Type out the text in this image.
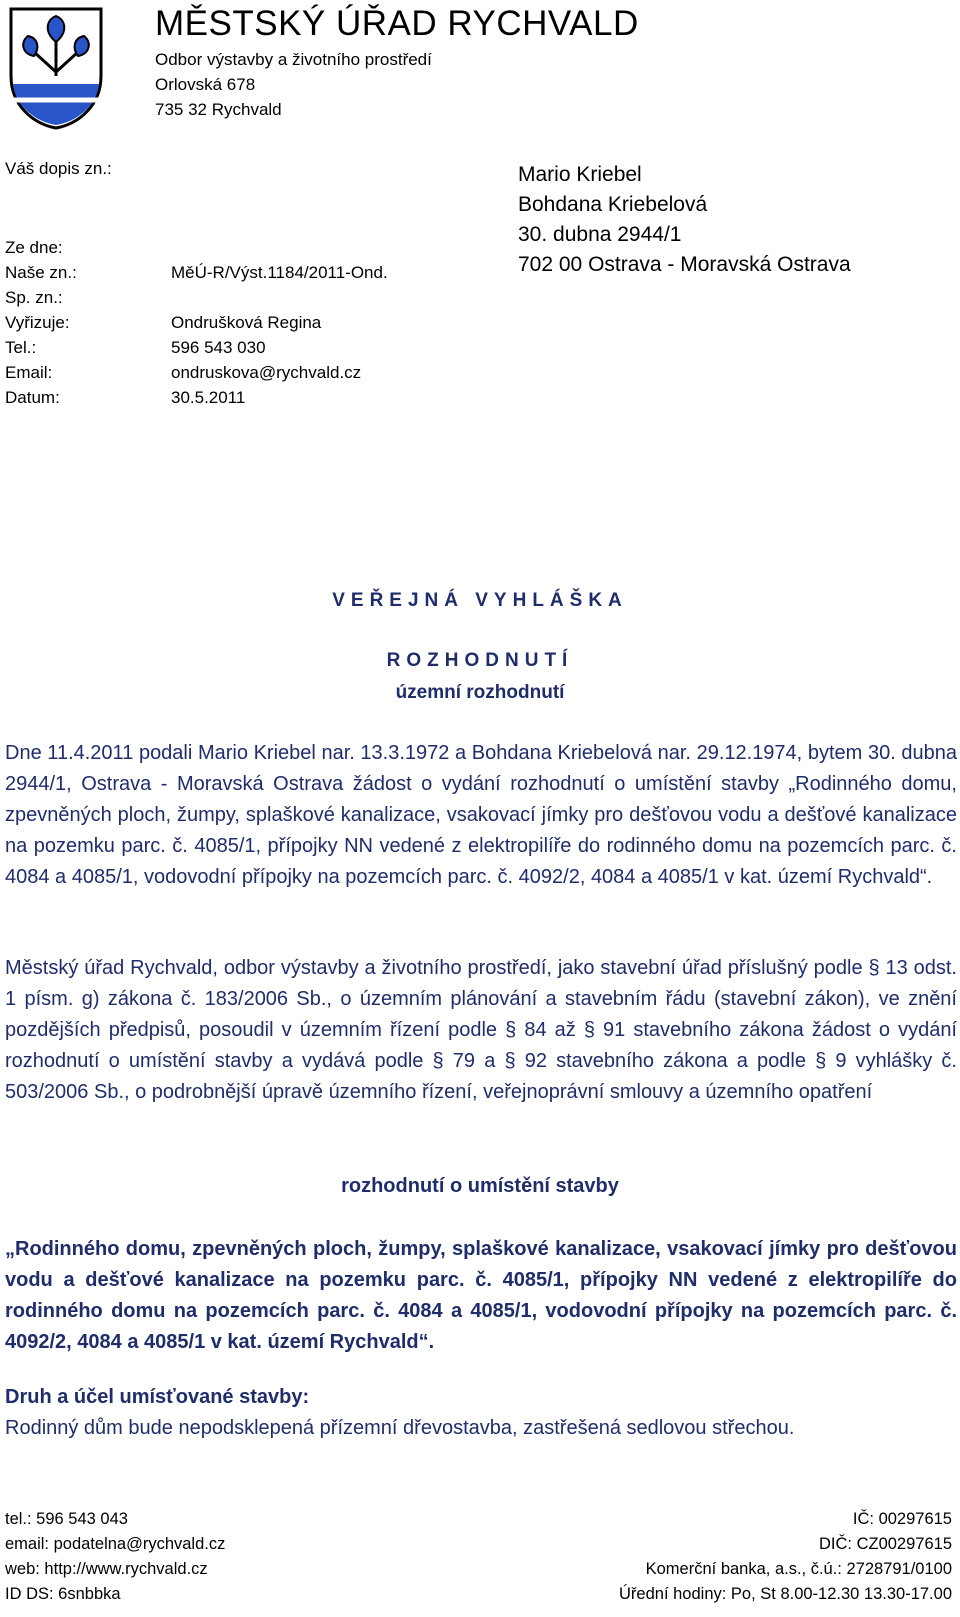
MĚSTSKÝ ÚŘAD RYCHVALD
Odbor výstavby a životního prostředí
Orlovská 678
735 32 Rychvald
Váš dopis zn.:
Ze dne:
Naše zn.:	MěÚ-R/Výst.1184/2011-Ond.
Sp. zn.:
Vyřizuje:	Ondrušková Regina
Tel.:	596 543 030
Email:	ondruskova@rychvald.cz
Datum:	30.5.2011
Mario Kriebel
Bohdana Kriebelová
30. dubna 2944/1
702 00 Ostrava - Moravská Ostrava
VEŘEJNÁ VYHLÁŠKA
ROZHODNUTÍ
územní rozhodnutí
Dne 11.4.2011 podali Mario Kriebel nar. 13.3.1972 a Bohdana Kriebelová nar. 29.12.1974, bytem 30. dubna 2944/1, Ostrava - Moravská Ostrava žádost o vydání rozhodnutí o umístění stavby „Rodinného domu, zpevněných ploch, žumpy, splaškové kanalizace, vsakovací jímky pro dešťovou vodu a dešťové kanalizace na pozemku parc. č. 4085/1, přípojky NN vedené z elektropilíře do rodinného domu na pozemcích parc. č. 4084 a 4085/1, vodovodní přípojky na pozemcích parc. č. 4092/2, 4084 a 4085/1 v kat. území Rychvald“.
Městský úřad Rychvald, odbor výstavby a životního prostředí, jako stavební úřad příslušný podle § 13 odst. 1 písm. g) zákona č. 183/2006 Sb., o územním plánování a stavebním řádu (stavební zákon), ve znění pozdějších předpisů, posoudil v územním řízení podle § 84 až § 91 stavebního zákona žádost o vydání rozhodnutí o umístění stavby a vydává podle § 79 a § 92 stavebního zákona a podle § 9 vyhlášky č. 503/2006 Sb., o podrobnější úpravě územního řízení, veřejnoprávní smlouvy a územního opatření
rozhodnutí o umístění stavby
„Rodinného domu, zpevněných ploch, žumpy, splaškové kanalizace, vsakovací jímky pro dešťovou vodu a dešťové kanalizace na pozemku parc. č. 4085/1, přípojky NN vedené z elektropilíře do rodinného domu na pozemcích parc. č. 4084 a 4085/1, vodovodní přípojky na pozemcích parc. č. 4092/2, 4084 a 4085/1 v kat. území Rychvald“.
Druh a účel umísťované stavby:
Rodinný dům bude nepodsklepená přízemní dřevostavba, zastřešená sedlovou střechou.
tel.: 596 543 043
email: podatelna@rychvald.cz
web: http://www.rychvald.cz
ID DS: 6snbbka
IČ: 00297615
DIČ: CZ00297615
Komerční banka, a.s., č.ú.: 2728791/0100
Úřední hodiny: Po, St 8.00-12.30 13.30-17.00
